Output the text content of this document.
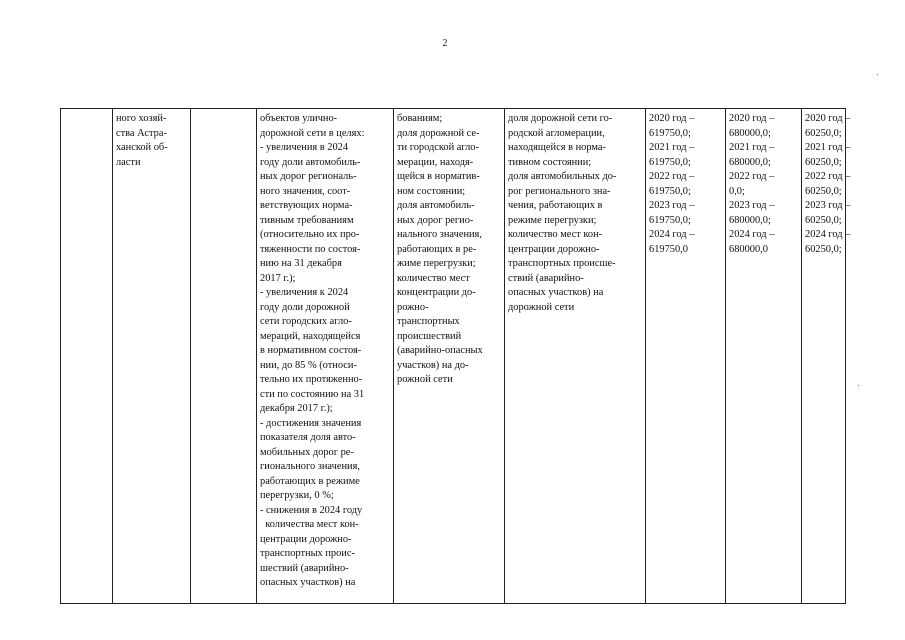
2
ного хозяй-
ства Астра-
ханской об-
ласти
объектов улично-
дорожной сети в целях:
- увеличения в 2024
году доли автомобиль-
ных дорог региональ-
ного значения, соот-
ветствующих норма-
тивным требованиям
(относительно их про-
тяженности по состоя-
нию на 31 декабря
2017 г.);
- увеличения к 2024
году доли дорожной
сети городских агло-
мераций, находящейся
в нормативном состоя-
нии, до 85 % (относи-
тельно их протяженно-
сти по состоянию на 31
декабря 2017 г.);
- достижения значения
показателя доля авто-
мобильных дорог ре-
гионального значения,
работающих в режиме
перегрузки, 0 %;
- снижения в 2024 году
количества мест кон-
центрации дорожно-
транспортных проис-
шествий (аварийно-
опасных участков) на
бованиям;
доля дорожной се-
ти городской агло-
мерации, находя-
щейся в норматив-
ном состоянии;
доля автомобиль-
ных дорог регио-
нального значения,
работающих в ре-
жиме перегрузки;
количество мест
концентрации до-
рожно-
транспортных
происшествий
(аварийно-опасных
участков) на до-
рожной сети
доля дорожной сети го-
родской агломерации,
находящейся в норма-
тивном состоянии;
доля автомобильных до-
рог регионального зна-
чения, работающих в
режиме перегрузки;
количество мест кон-
центрации дорожно-
транспортных происше-
ствий (аварийно-
опасных участков) на
дорожной сети
2020 год –
619750,0;
2021 год –
619750,0;
2022 год –
619750,0;
2023 год –
619750,0;
2024 год –
619750,0
2020 год –
680000,0;
2021 год –
680000,0;
2022 год –
0,0;
2023 год –
680000,0;
2024 год –
680000,0
2020 год –
60250,0;
2021 год –
60250,0;
2022 год –
60250,0;
2023 год –
60250,0;
2024 год –
60250,0;
